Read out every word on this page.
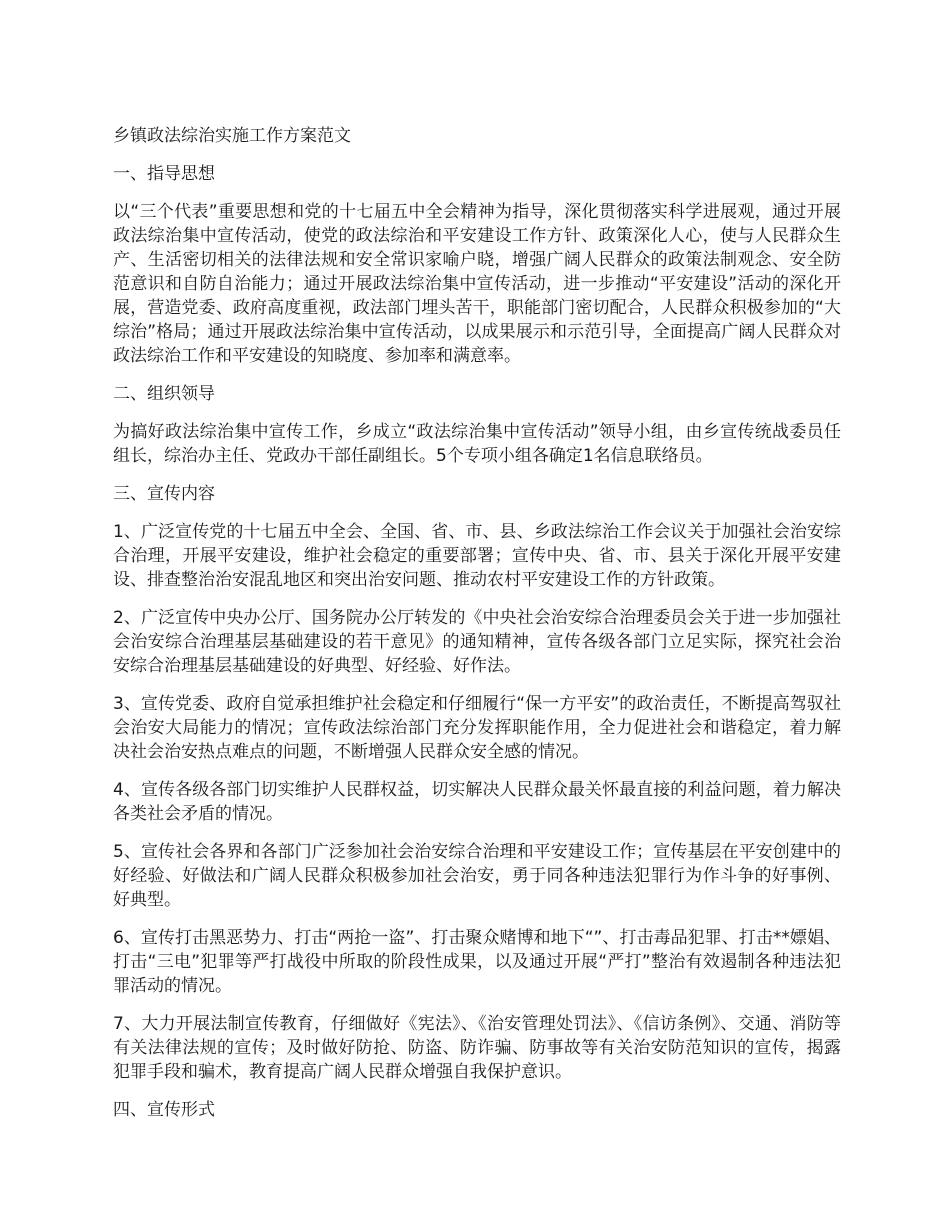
乡镇政法综治实施工作方案范文
一、指导思想

以“三个代表”重要思想和党的十七届五中全会精神为指导，深化贯彻落实科学进展观，通过开展政法综治集中宣传活动，使党的政法综治和平安建设工作方针、政策深化人心，使与人民群众生产、生活密切相关的法律法规和安全常识家喻户晓，增强广阔人民群众的政策法制观念、安全防范意识和自防自治能力；通过开展政法综治集中宣传活动，进一步推动“平安建设”活动的深化开展，营造党委、政府高度重视，政法部门埋头苦干，职能部门密切配合，人民群众积极参加的“大综治”格局；通过开展政法综治集中宣传活动，以成果展示和示范引导，全面提高广阔人民群众对政法综治工作和平安建设的知晓度、参加率和满意率。

二、组织领导

为搞好政法综治集中宣传工作，乡成立“政法综治集中宣传活动”领导小组，由乡宣传统战委员任组长，综治办主任、党政办干部任副组长。5个专项小组各确定1名信息联络员。

三、宣传内容

1、广泛宣传党的十七届五中全会、全国、省、市、县、乡政法综治工作会议关于加强社会治安综合治理，开展平安建设，维护社会稳定的重要部署；宣传中央、省、市、县关于深化开展平安建设、排查整治治安混乱地区和突出治安问题、推动农村平安建设工作的方针政策。

2、广泛宣传中央办公厅、国务院办公厅转发的《中央社会治安综合治理委员会关于进一步加强社会治安综合治理基层基础建设的若干意见》的通知精神，宣传各级各部门立足实际，探究社会治安综合治理基层基础建设的好典型、好经验、好作法。

3、宣传党委、政府自觉承担维护社会稳定和仔细履行“保一方平安”的政治责任，不断提高驾驭社会治安大局能力的情况；宣传政法综治部门充分发挥职能作用，全力促进社会和谐稳定，着力解决社会治安热点难点的问题，不断增强人民群众安全感的情况。

4、宣传各级各部门切实维护人民群权益，切实解决人民群众最关怀最直接的利益问题，着力解决各类社会矛盾的情况。

5、宣传社会各界和各部门广泛参加社会治安综合治理和平安建设工作；宣传基层在平安创建中的好经验、好做法和广阔人民群众积极参加社会治安，勇于同各种违法犯罪行为作斗争的好事例、好典型。

6、宣传打击黑恶势力、打击“两抢一盗”、打击聚众赌博和地下“”、打击毒品犯罪、打击**嫖娼、打击“三电”犯罪等严打战役中所取的阶段性成果，以及通过开展“严打”整治有效遏制各种违法犯罪活动的情况。

7、大力开展法制宣传教育，仔细做好《宪法》、《治安管理处罚法》、《信访条例》、交通、消防等有关法律法规的宣传；及时做好防抢、防盗、防诈骗、防事故等有关治安防范知识的宣传，揭露犯罪手段和骗术，教育提高广阔人民群众增强自我保护意识。

四、宣传形式
